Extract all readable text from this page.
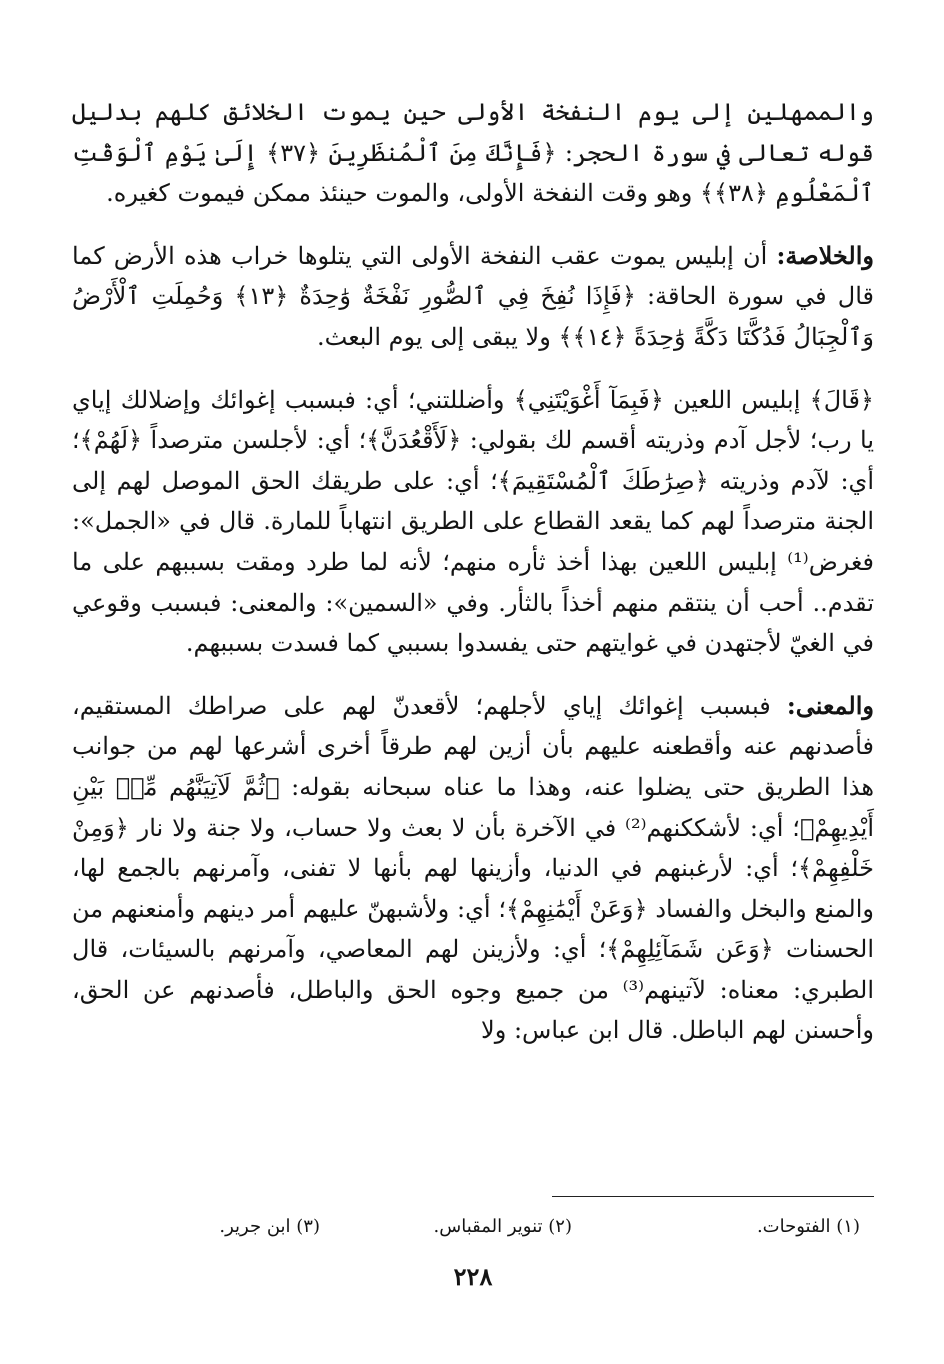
والممهلين إلى يوم النفخة الأولى حين يموت الخلائق كلهم بدليل قوله تعالى في سورة الحجر: ﴿فَإِنَّكَ مِنَ ٱلْمُنظَرِينَ ﴿٣٧﴾ إِلَىٰ يَوْمِ ٱلْوَقْتِ ٱلْمَعْلُومِ ﴿٣٨﴾﴾ وهو وقت النفخة الأولى، والموت حينئذ ممكن فيموت كغيره.

والخلاصة: أن إبليس يموت عقب النفخة الأولى التي يتلوها خراب هذه الأرض كما قال في سورة الحاقة: ﴿فَإِذَا نُفِخَ فِي ٱلصُّورِ نَفْخَةٌ وَٰحِدَةٌ ﴿١٣﴾ وَحُمِلَتِ ٱلْأَرْضُ وَٱلْجِبَالُ فَدُكَّتَا دَكَّةً وَٰحِدَةً ﴿١٤﴾﴾ ولا يبقى إلى يوم البعث.

﴿قَالَ﴾ إبليس اللعين ﴿فَبِمَآ أَغْوَيْتَنِي﴾ وأضللتني؛ أي: فبسبب إغوائك وإضلالك إياي يا رب؛ لأجل آدم وذريته أقسم لك بقولي: ﴿لَأَقْعُدَنَّ﴾؛ أي: لأجلسن مترصداً ﴿لَهُمْ﴾؛ أي: لآدم وذريته ﴿صِرَٰطَكَ ٱلْمُسْتَقِيمَ﴾؛ أي: على طريقك الحق الموصل لهم إلى الجنة مترصداً لهم كما يقعد القطاع على الطريق انتهاباً للمارة. قال في «الجمل»: فغرض⁽¹⁾ إبليس اللعين بهذا أخذ ثأره منهم؛ لأنه لما طرد ومقت بسببهم على ما تقدم.. أحب أن ينتقم منهم أخذاً بالثأر. وفي «السمين»: والمعنى: فبسبب وقوعي في الغيّ لأجتهدن في غوايتهم حتى يفسدوا بسببي كما فسدت بسببهم.

والمعنى: فبسبب إغوائك إياي لأجلهم؛ لأقعدنّ لهم على صراطك المستقيم، فأصدنهم عنه وأقطعنه عليهم بأن أزين لهم طرقاً أخرى أشرعها لهم من جوانب هذا الطريق حتى يضلوا عنه، وهذا ما عناه سبحانه بقوله: ﴿ثُمَّ لَآتِيَنَّهُم مِّنۢ بَيْنِ أَيْدِيهِمْ﴾؛ أي: لأشككنهم⁽²⁾ في الآخرة بأن لا بعث ولا حساب، ولا جنة ولا نار ﴿وَمِنْ خَلْفِهِمْ﴾؛ أي: لأرغبنهم في الدنيا، وأزينها لهم بأنها لا تفنى، وآمرنهم بالجمع لها، والمنع والبخل والفساد ﴿وَعَنْ أَيْمَٰنِهِمْ﴾؛ أي: ولأشبهنّ عليهم أمر دينهم وأمنعنهم من الحسنات ﴿وَعَن شَمَآئِلِهِمْ﴾؛ أي: ولأزينن لهم المعاصي، وآمرنهم بالسيئات، قال الطبري: معناه: لآتينهم⁽³⁾ من جميع وجوه الحق والباطل، فأصدنهم عن الحق، وأحسنن لهم الباطل. قال ابن عباس: ولا

(١) الفتوحات.
(٢) تنوير المقباس.
(٣) ابن جرير.
٢٢٨
